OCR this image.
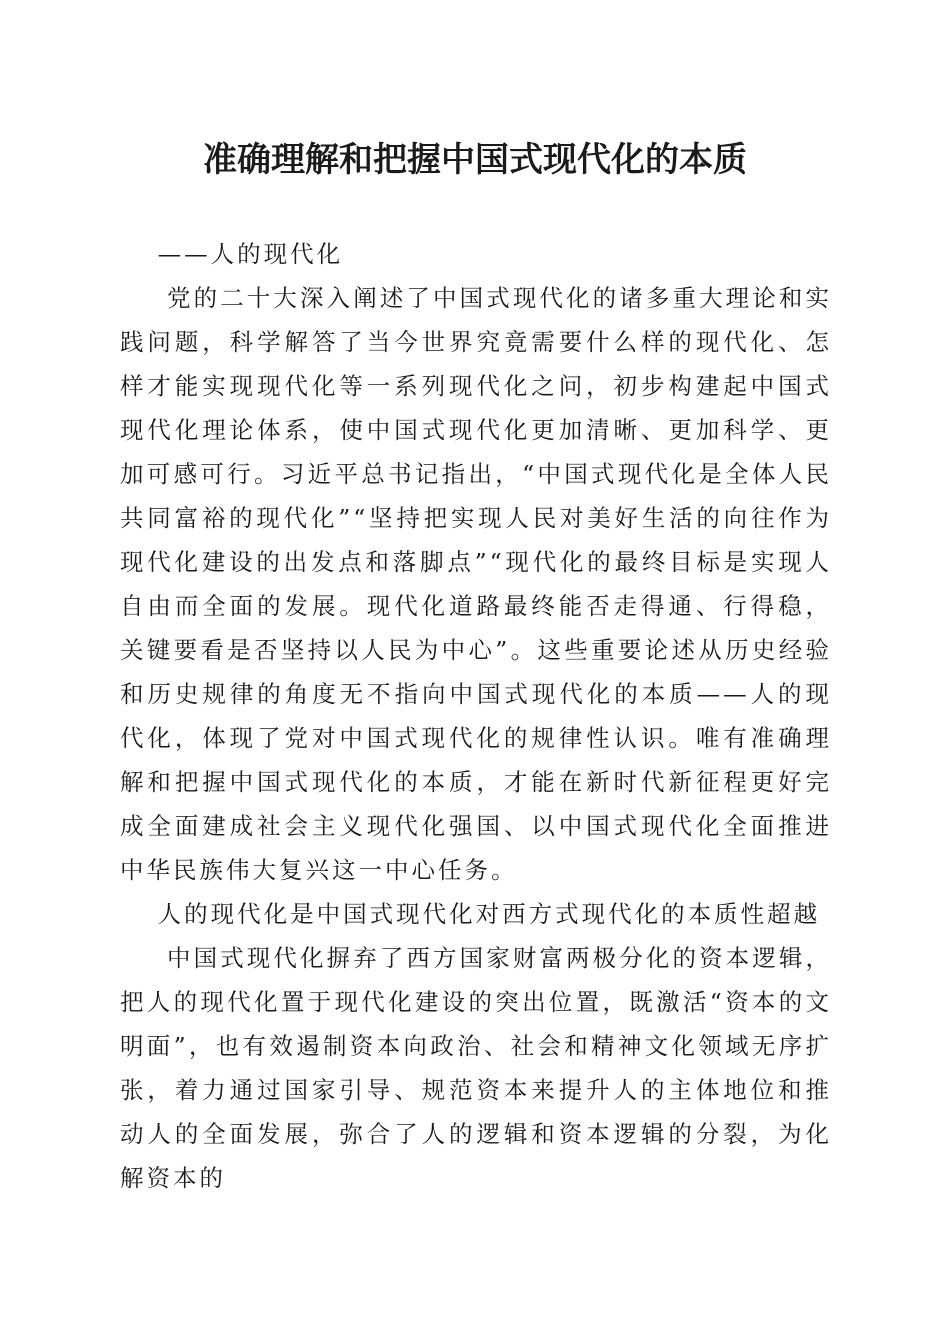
准确理解和把握中国式现代化的本质

——人的现代化

党的二十大深入阐述了中国式现代化的诸多重大理论和实践问题，科学解答了当今世界究竟需要什么样的现代化、怎样才能实现现代化等一系列现代化之问，初步构建起中国式现代化理论体系，使中国式现代化更加清晰、更加科学、更加可感可行。习近平总书记指出，“中国式现代化是全体人民共同富裕的现代化”“坚持把实现人民对美好生活的向往作为现代化建设的出发点和落脚点”“现代化的最终目标是实现人自由而全面的发展。现代化道路最终能否走得通、行得稳，关键要看是否坚持以人民为中心”。这些重要论述从历史经验和历史规律的角度无不指向中国式现代化的本质——人的现代化，体现了党对中国式现代化的规律性认识。唯有准确理解和把握中国式现代化的本质，才能在新时代新征程更好完成全面建成社会主义现代化强国、以中国式现代化全面推进中华民族伟大复兴这一中心任务。

人的现代化是中国式现代化对西方式现代化的本质性超越

中国式现代化摒弃了西方国家财富两极分化的资本逻辑，把人的现代化置于现代化建设的突出位置，既激活“资本的文明面”，也有效遏制资本向政治、社会和精神文化领域无序扩张，着力通过国家引导、规范资本来提升人的主体地位和推动人的全面发展，弥合了人的逻辑和资本逻辑的分裂，为化解资本的
